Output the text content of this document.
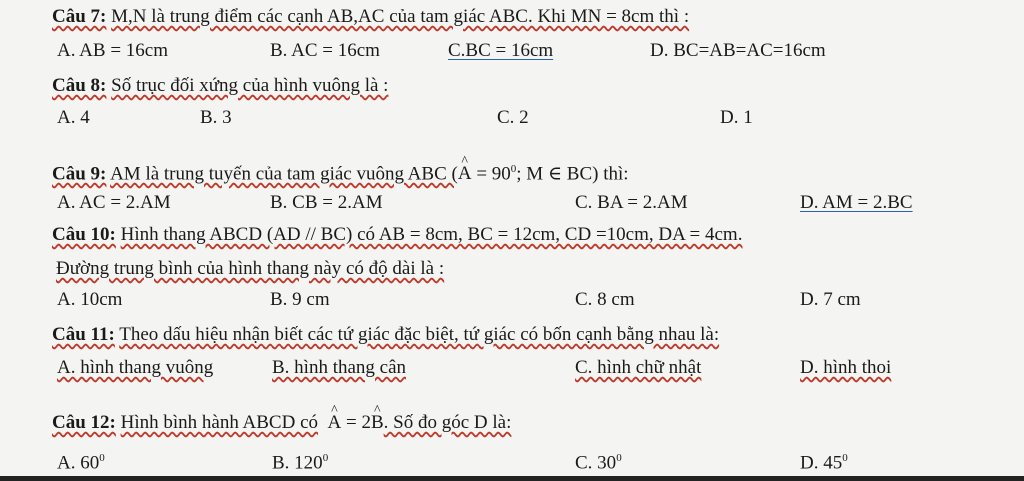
Câu 7: M,N là trung điểm các cạnh AB,AC của tam giác ABC. Khi MN = 8cm thì :
A. AB = 16cm	B. AC = 16cm	C.BC = 16cm	D. BC=AB=AC=16cm
Câu 8: Số trục đối xứng của hình vuông là :
A. 4	B. 3	C. 2	D. 1
Câu 9: AM là trung tuyến của tam giác vuông ABC (^ $A = 90^0$; M ∈ BC) thì:
A. AC = 2.AM	B. CB = 2.AM	C. BA = 2.AM	D. AM = 2.BC
Câu 10: Hình thang ABCD (AD // BC) có AB = 8cm, BC = 12cm, CD =10cm, DA = 4cm.
Đường trung bình của hình thang này có độ dài là :
A. 10cm	B. 9 cm	C. 8 cm	D. 7 cm
Câu 11: Theo dấu hiệu nhận biết các tứ giác đặc biệt, tứ giác có bốn cạnh bằng nhau là:
A. hình thang vuông	B. hình thang cân	C. hình chữ nhật	D. hình thoi
Câu 12: Hình bình hành ABCD có  ^ A = 2^ B. Số đo góc D là:
A. $60^0$	B. $120^0$	C. $30^0$	D. $45^0$
